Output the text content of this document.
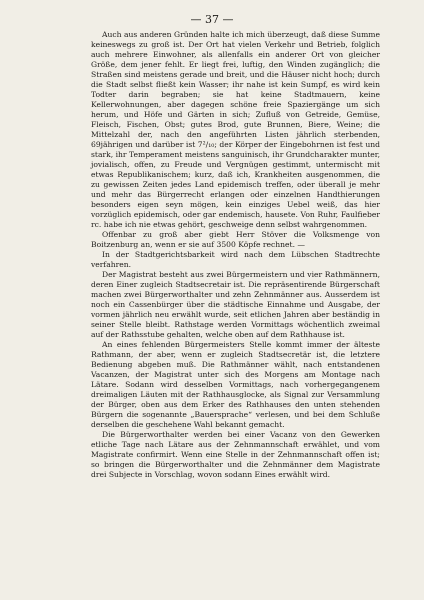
— 37 —

Auch aus anderen Gründen halte ich mich überzeugt, daß diese Summe keineswegs zu groß ist. Der Ort hat vielen Verkehr und Betrieb, folglich auch mehrere Einwohner, als allenfalls ein anderer Ort von gleicher Größe, dem jener fehlt. Er liegt frei, luftig, den Winden zugänglich; die Straßen sind meistens gerade und breit, und die Häuser nicht hoch; durch die Stadt selbst fließt kein Wasser; ihr nahe ist kein Sumpf, es wird kein Todter darin begraben; sie hat keine Stadtmauern, keine Kellerwohnungen, aber dagegen schöne freie Spaziergänge um sich herum, und Höfe und Gärten in sich; Zufluß von Getreide, Gemüse, Fleisch, Fischen, Obst; gutes Brod, gute Brunnen, Biere, Weine; die Mittelzahl der, nach den angeführten Listen jährlich sterbenden, 69jährigen und darüber ist 7²/₁₀; der Körper der Eingebohrnen ist fest und stark, ihr Temperament meistens sanguinisch, ihr Grundcharakter munter, jovialisch, offen, zu Freude und Vergnügen gestimmt, untermischt mit etwas Republikanischem; kurz, daß ich, Krankheiten ausgenommen, die zu gewissen Zeiten jedes Land epidemisch treffen, oder überall je mehr und mehr das Bürgerrecht erlangen oder einzelnen Handthierungen besonders eigen seyn mögen, kein einziges Uebel weiß, das hier vorzüglich epidemisch, oder gar endemisch, hausete. Von Ruhr, Faulfieber rc. habe ich nie etwas gehört, geschweige denn selbst wahrgenommen.

Offenbar zu groß aber giebt Herr Stöver die Volksmenge von Boitzenburg an, wenn er sie auf 3500 Köpfe rechnet. —

In der Stadtgerichtsbarkeit wird nach dem Lübschen Stadtrechte verfahren.

Der Magistrat besteht aus zwei Bürgermeistern und vier Rathmännern, deren Einer zugleich Stadtsecretair ist. Die repräsentirende Bürgerschaft machen zwei Bürgerworthalter und zehn Zehnmänner aus. Ausserdem ist noch ein Cassenbürger über die städtische Einnahme und Ausgabe, der vormen jährlich neu erwählt wurde, seit etlichen Jahren aber beständig in seiner Stelle bleibt. Rathstage werden Vormittags wöchentlich zweimal auf der Rathsstube gehalten, welche oben auf dem Rathhause ist.

An eines fehlenden Bürgermeisters Stelle kommt immer der älteste Rathmann, der aber, wenn er zugleich Stadtsecretär ist, die letztere Bedienung abgeben muß. Die Rathmänner wählt, nach entstandenen Vacanzen, der Magistrat unter sich des Morgens am Montage nach Lätare. Sodann wird desselben Vormittags, nach vorhergegangenem dreimaligen Läuten mit der Rathhausglocke, als Signal zur Versammlung der Bürger, oben aus dem Erker des Rathhauses den unten stehenden Bürgern die sogenannte „Bauersprache“ verlesen, und bei dem Schluße derselben die geschehene Wahl bekannt gemacht.

Die Bürgerworthalter werden bei einer Vacanz von den Gewerken etliche Tage nach Lätare aus der Zehnmannschaft erwählet, und vom Magistrate confirmirt. Wenn eine Stelle in der Zehnmannschaft offen ist; so bringen die Bürgerworthalter und die Zehnmänner dem Magistrate drei Subjecte in Vorschlag, wovon sodann Eines erwählt wird.
